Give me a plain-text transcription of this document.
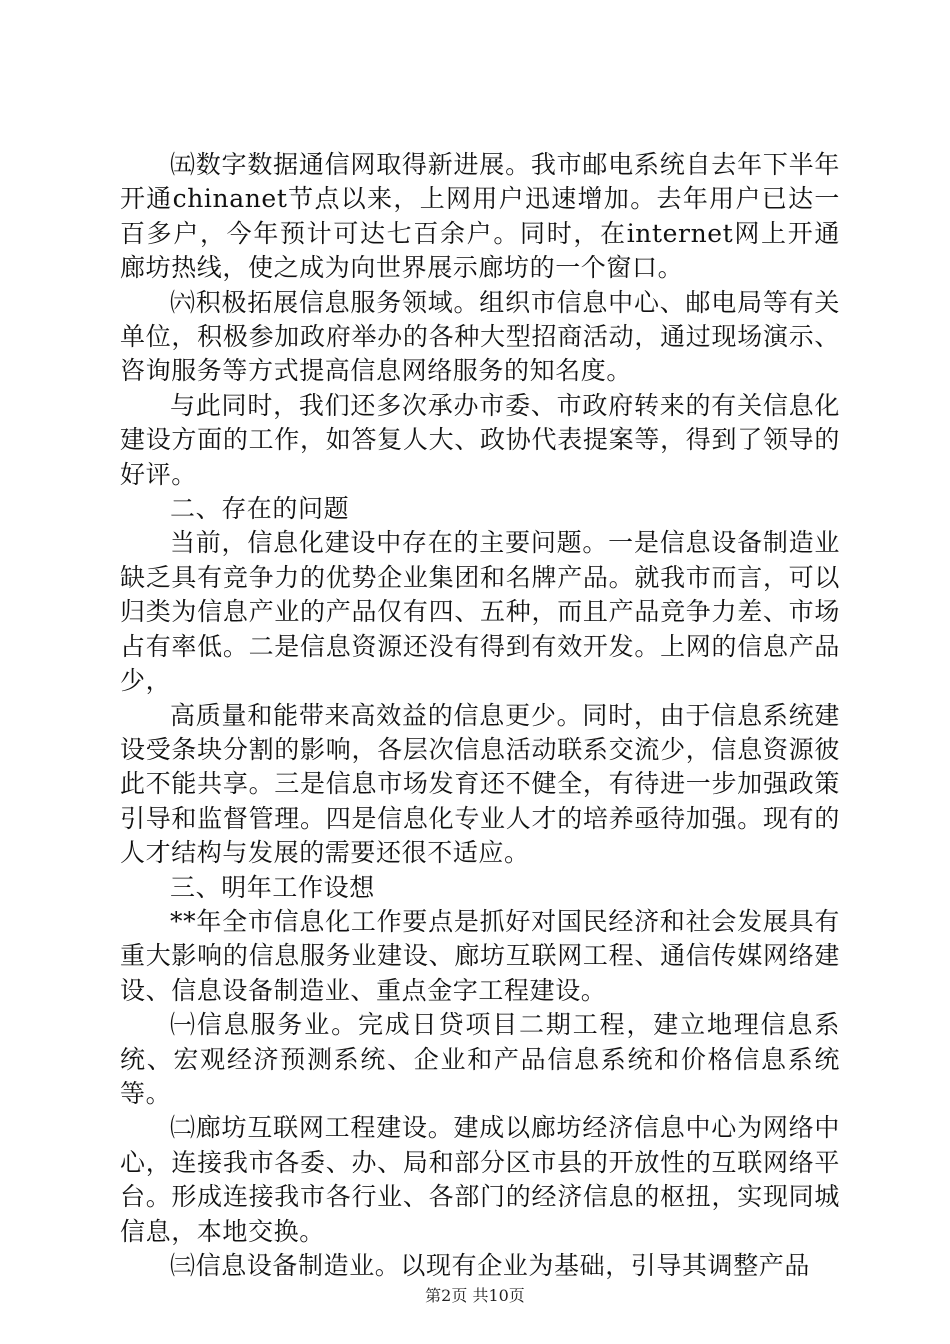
㈤数字数据通信网取得新进展。我市邮电系统自去年下半年开通chinanet节点以来，上网用户迅速增加。去年用户已达一百多户，今年预计可达七百余户。同时，在internet网上开通廊坊热线，使之成为向世界展示廊坊的一个窗口。

㈥积极拓展信息服务领域。组织市信息中心、邮电局等有关单位，积极参加政府举办的各种大型招商活动，通过现场演示、咨询服务等方式提高信息网络服务的知名度。

与此同时，我们还多次承办市委、市政府转来的有关信息化建设方面的工作，如答复人大、政协代表提案等，得到了领导的好评。

二、存在的问题

当前，信息化建设中存在的主要问题。一是信息设备制造业缺乏具有竞争力的优势企业集团和名牌产品。就我市而言，可以归类为信息产业的产品仅有四、五种，而且产品竞争力差、市场占有率低。二是信息资源还没有得到有效开发。上网的信息产品少，

高质量和能带来高效益的信息更少。同时，由于信息系统建设受条块分割的影响，各层次信息活动联系交流少，信息资源彼此不能共享。三是信息市场发育还不健全，有待进一步加强政策引导和监督管理。四是信息化专业人才的培养亟待加强。现有的人才结构与发展的需要还很不适应。

三、明年工作设想

**年全市信息化工作要点是抓好对国民经济和社会发展具有重大影响的信息服务业建设、廊坊互联网工程、通信传媒网络建设、信息设备制造业、重点金字工程建设。

㈠信息服务业。完成日贷项目二期工程，建立地理信息系统、宏观经济预测系统、企业和产品信息系统和价格信息系统等。

㈡廊坊互联网工程建设。建成以廊坊经济信息中心为网络中心，连接我市各委、办、局和部分区市县的开放性的互联网络平台。形成连接我市各行业、各部门的经济信息的枢扭，实现同城信息，本地交换。

㈢信息设备制造业。以现有企业为基础，引导其调整产品

第2页 共10页
